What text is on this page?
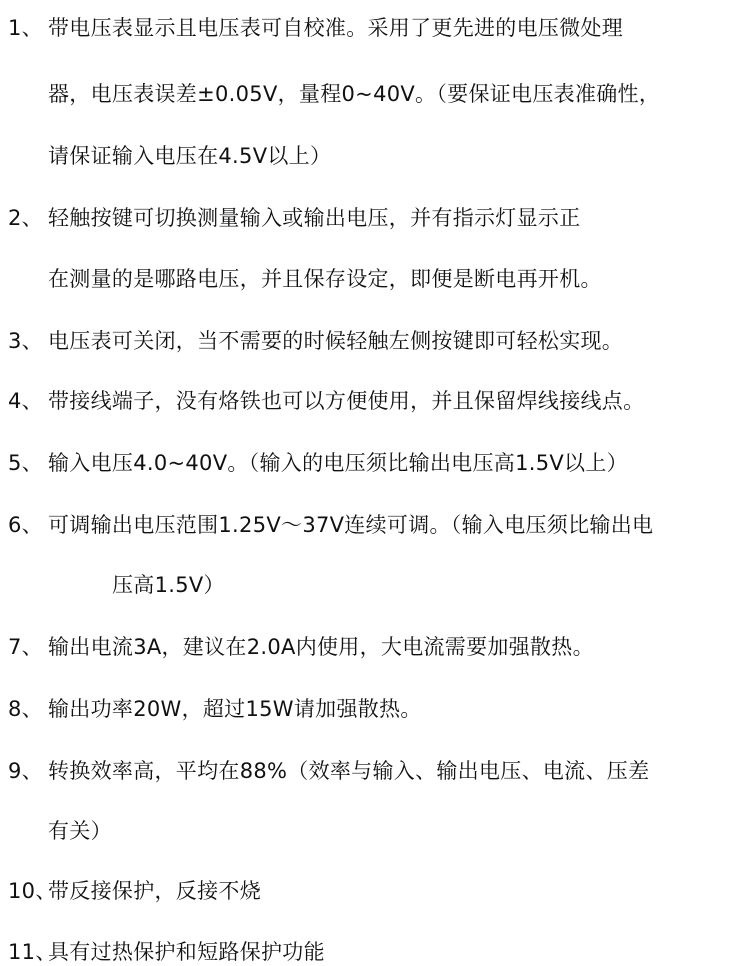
1、 带电压表显示且电压表可自校准。采用了更先进的电压微处理
器，电压表误差±0.05V，量程0~40V。（要保证电压表准确性，
请保证输入电压在4.5V以上）
2、 轻触按键可切换测量输入或输出电压，并有指示灯显示正
在测量的是哪路电压，并且保存设定，即便是断电再开机。
3、 电压表可关闭，当不需要的时候轻触左侧按键即可轻松实现。
4、 带接线端子，没有烙铁也可以方便使用，并且保留焊线接线点。
5、 输入电压4.0~40V。（输入的电压须比输出电压高1.5V以上）
6、 可调输出电压范围1.25V～37V连续可调。（输入电压须比输出电
压高1.5V）
7、 输出电流3A，建议在2.0A内使用，大电流需要加强散热。
8、 输出功率20W，超过15W请加强散热。
9、 转换效率高，平均在88%（效率与输入、输出电压、电流、压差
有关）
10、
带反接保护，反接不烧
11、
具有过热保护和短路保护功能
